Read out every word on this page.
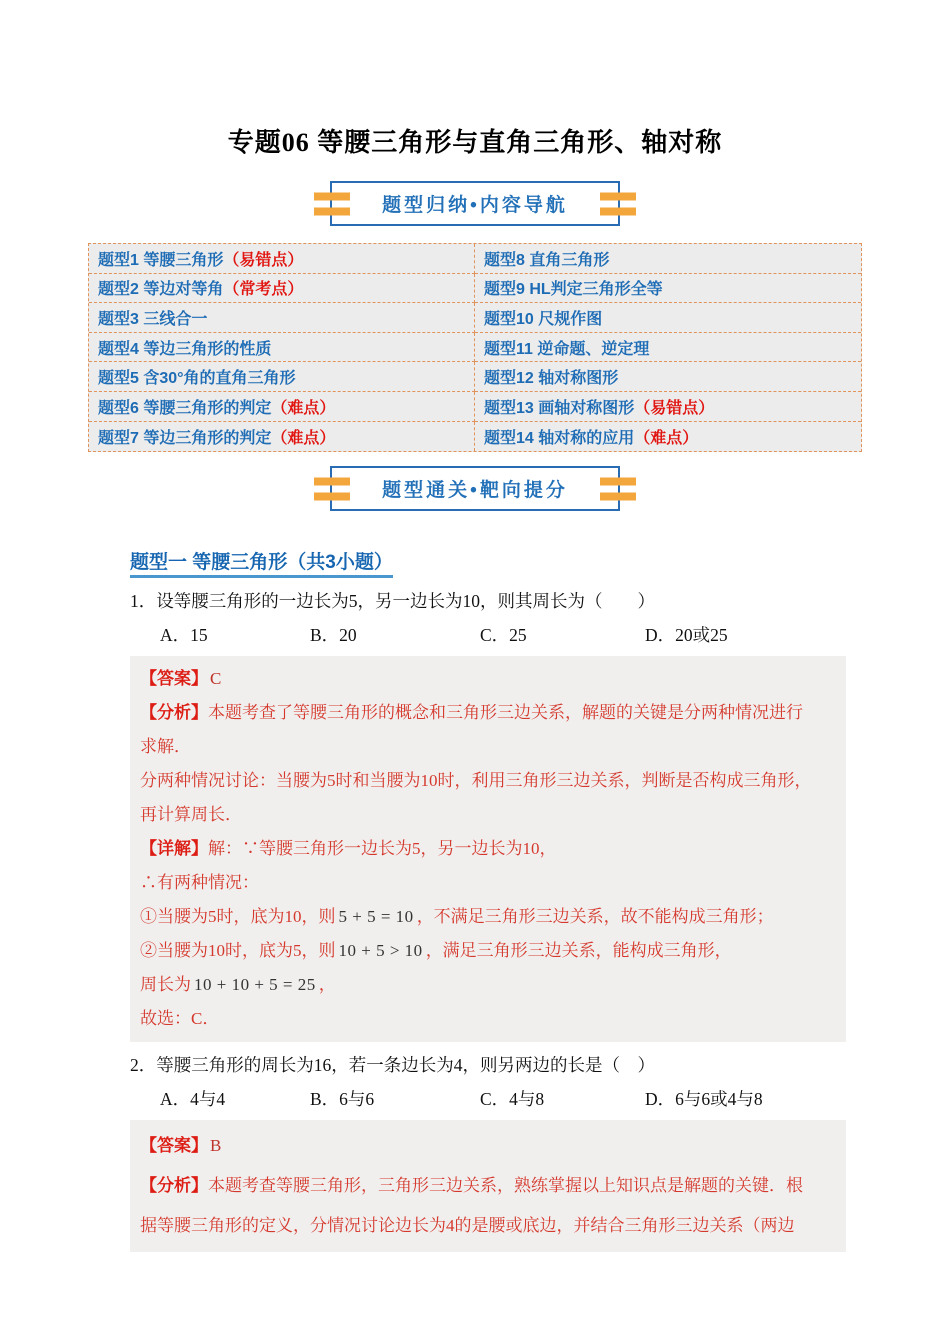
专题06 等腰三角形与直角三角形、轴对称
题型归纳•内容导航
题型1 等腰三角形 （易错点）	题型8 直角三角形
题型2 等边对等角 （常考点）	题型9 HL判定三角形全等
题型3 三线合一	题型10 尺规作图
题型4 等边三角形的性质	题型11 逆命题、逆定理
题型5 含30°角的直角三角形	题型12 轴对称图形
题型6 等腰三角形的判定 （难点）	题型13 画轴对称图形 （易错点）
题型7 等边三角形的判定 （难点）	题型14 轴对称的应用 （难点）
题型通关•靶向提分
题型一 等腰三角形（共3小题）
1．设等腰三角形的一边长为5，另一边长为10，则其周长为（　　）
A．15	B．20	C．25	D．20或25
【答案】 C
【分析】本题考查了等腰三角形的概念和三角形三边关系，解题的关键是分两种情况进行
求解．
分两种情况讨论：当腰为5时和当腰为10时，利用三角形三边关系，判断是否构成三角形，
再计算周长．
【详解】解：∵等腰三角形一边长为5，另一边长为10，
∴有两种情况：
①当腰为5时，底为10，则 5 + 5 = 10 ，不满足三角形三边关系，故不能构成三角形；
②当腰为10时，底为5，则 10 + 5 > 10 ，满足三角形三边关系，能构成三角形，
周长为 10 + 10 + 5 = 25 ，
故选：C．
2．等腰三角形的周长为16，若一条边长为4，则另两边的长是（　）
A．4与4	B．6与6	C．4与8	D．6与6或4与8
【答案】 B
【分析】本题考查等腰三角形，三角形三边关系，熟练掌握以上知识点是解题的关键．根
据等腰三角形的定义，分情况讨论边长为4的是腰或底边，并结合三角形三边关系（两边
